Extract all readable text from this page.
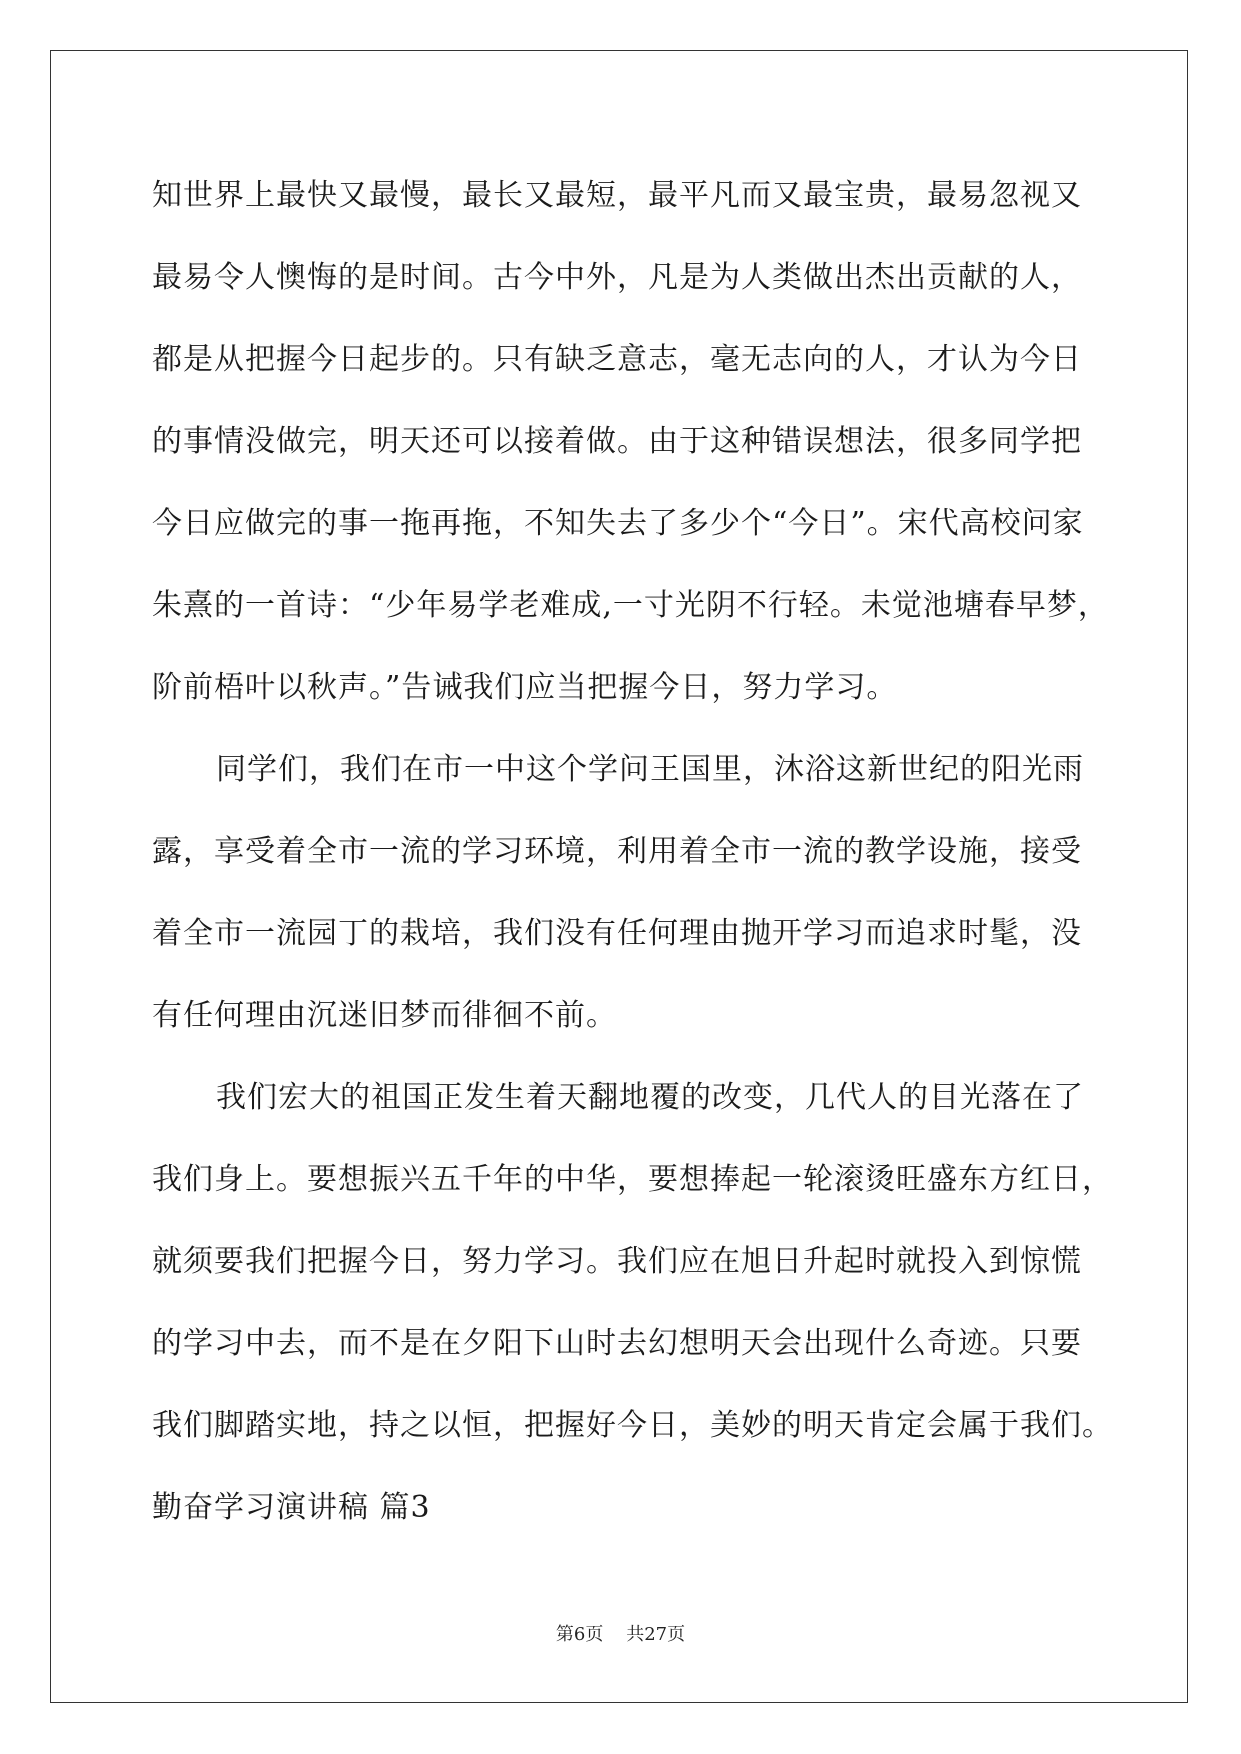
知世界上最快又最慢，最长又最短，最平凡而又最宝贵，最易忽视又
最易令人懊悔的是时间。古今中外，凡是为人类做出杰出贡献的人，
都是从把握今日起步的。只有缺乏意志，毫无志向的人，才认为今日
的事情没做完，明天还可以接着做。由于这种错误想法，很多同学把
今日应做完的事一拖再拖，不知失去了多少个“今日”。宋代高校问家
朱熹的一首诗：“少年易学老难成,一寸光阴不行轻。未觉池塘春早梦，
阶前梧叶以秋声。”告诫我们应当把握今日，努力学习。
同学们，我们在市一中这个学问王国里，沐浴这新世纪的阳光雨
露，享受着全市一流的学习环境，利用着全市一流的教学设施，接受
着全市一流园丁的栽培，我们没有任何理由抛开学习而追求时髦，没
有任何理由沉迷旧梦而徘徊不前。
我们宏大的祖国正发生着天翻地覆的改变，几代人的目光落在了
我们身上。要想振兴五千年的中华，要想捧起一轮滚烫旺盛东方红日，
就须要我们把握今日，努力学习。我们应在旭日升起时就投入到惊慌
的学习中去，而不是在夕阳下山时去幻想明天会出现什么奇迹。只要
我们脚踏实地，持之以恒，把握好今日，美妙的明天肯定会属于我们。
勤奋学习演讲稿 篇3
第6页    共27页
